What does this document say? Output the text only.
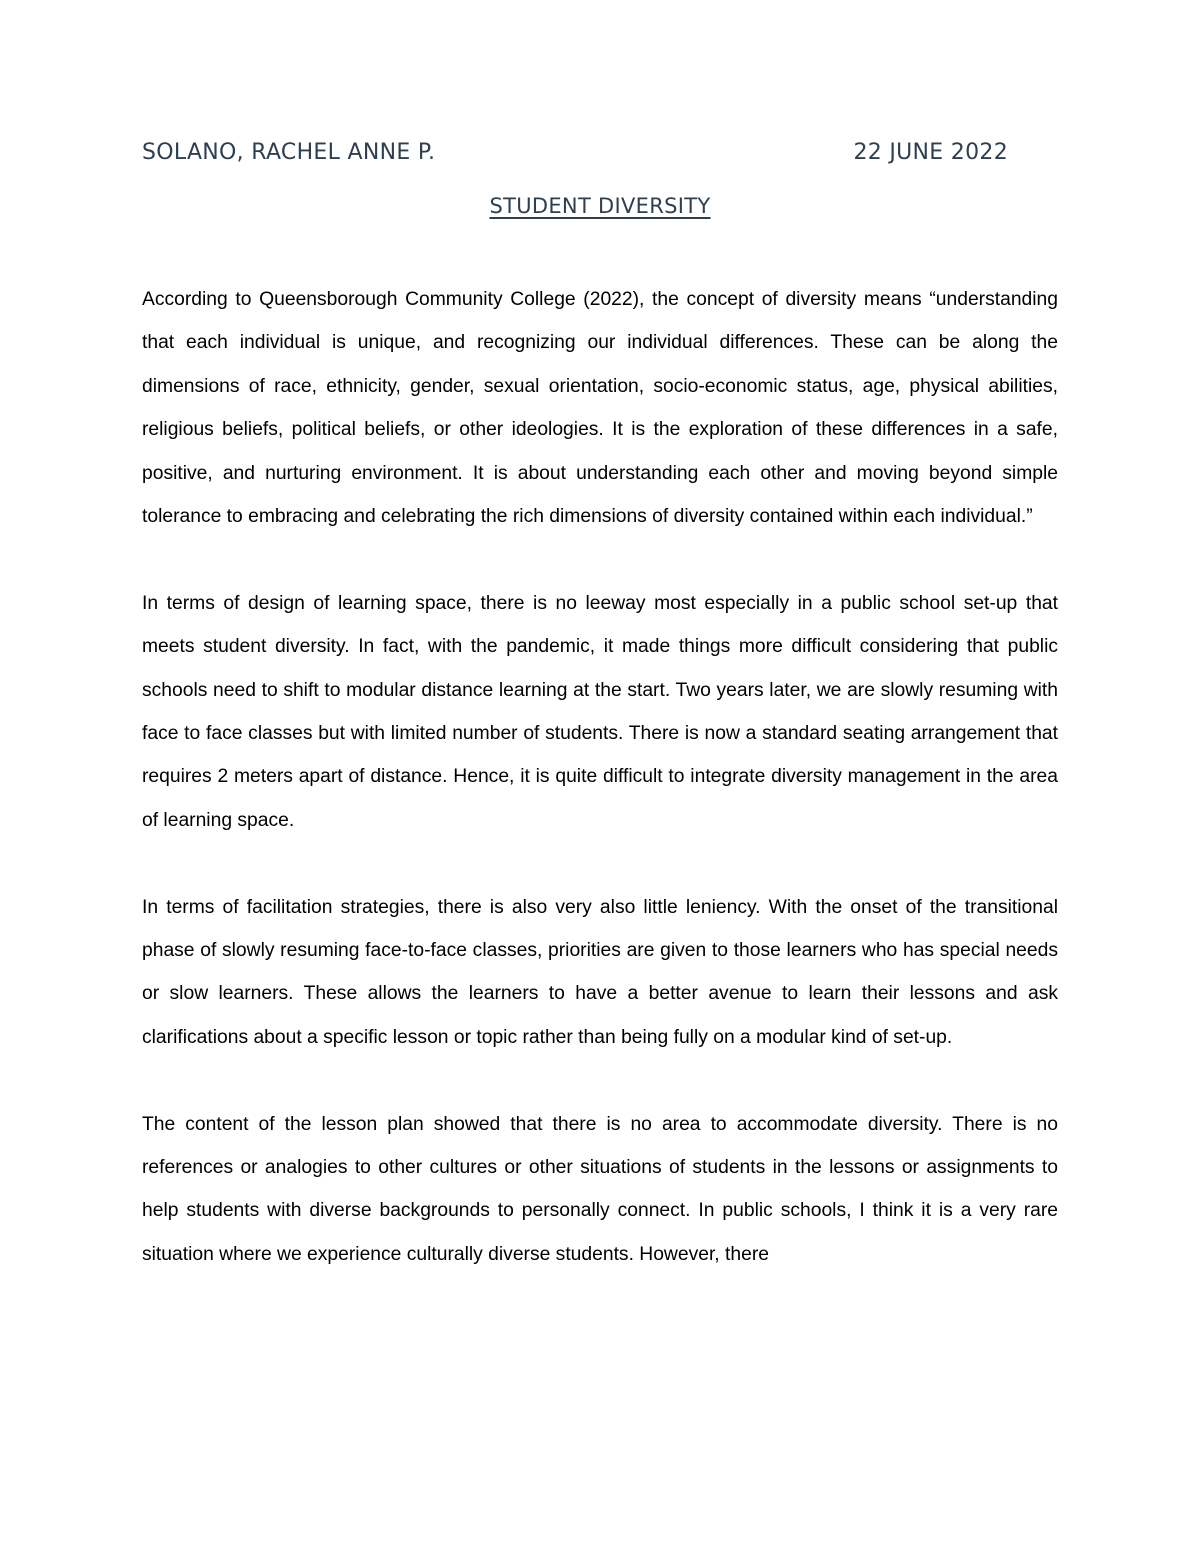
SOLANO, RACHEL ANNE P.	22 JUNE 2022
STUDENT DIVERSITY

According to Queensborough Community College (2022), the concept of diversity means “understanding that each individual is unique, and recognizing our individual differences. These can be along the dimensions of race, ethnicity, gender, sexual orientation, socio-economic status, age, physical abilities, religious beliefs, political beliefs, or other ideologies. It is the exploration of these differences in a safe, positive, and nurturing environment. It is about understanding each other and moving beyond simple tolerance to embracing and celebrating the rich dimensions of diversity contained within each individual.”

In terms of design of learning space, there is no leeway most especially in a public school set-up that meets student diversity. In fact, with the pandemic, it made things more difficult considering that public schools need to shift to modular distance learning at the start. Two years later, we are slowly resuming with face to face classes but with limited number of students. There is now a standard seating arrangement that requires 2 meters apart of distance. Hence, it is quite difficult to integrate diversity management in the area of learning space.

In terms of facilitation strategies, there is also very also little leniency. With the onset of the transitional phase of slowly resuming face-to-face classes, priorities are given to those learners who has special needs or slow learners. These allows the learners to have a better avenue to learn their lessons and ask clarifications about a specific lesson or topic rather than being fully on a modular kind of set-up.

The content of the lesson plan showed that there is no area to accommodate diversity. There is no references or analogies to other cultures or other situations of students in the lessons or assignments to help students with diverse backgrounds to personally connect. In public schools, I think it is a very rare situation where we experience culturally diverse students. However, there
